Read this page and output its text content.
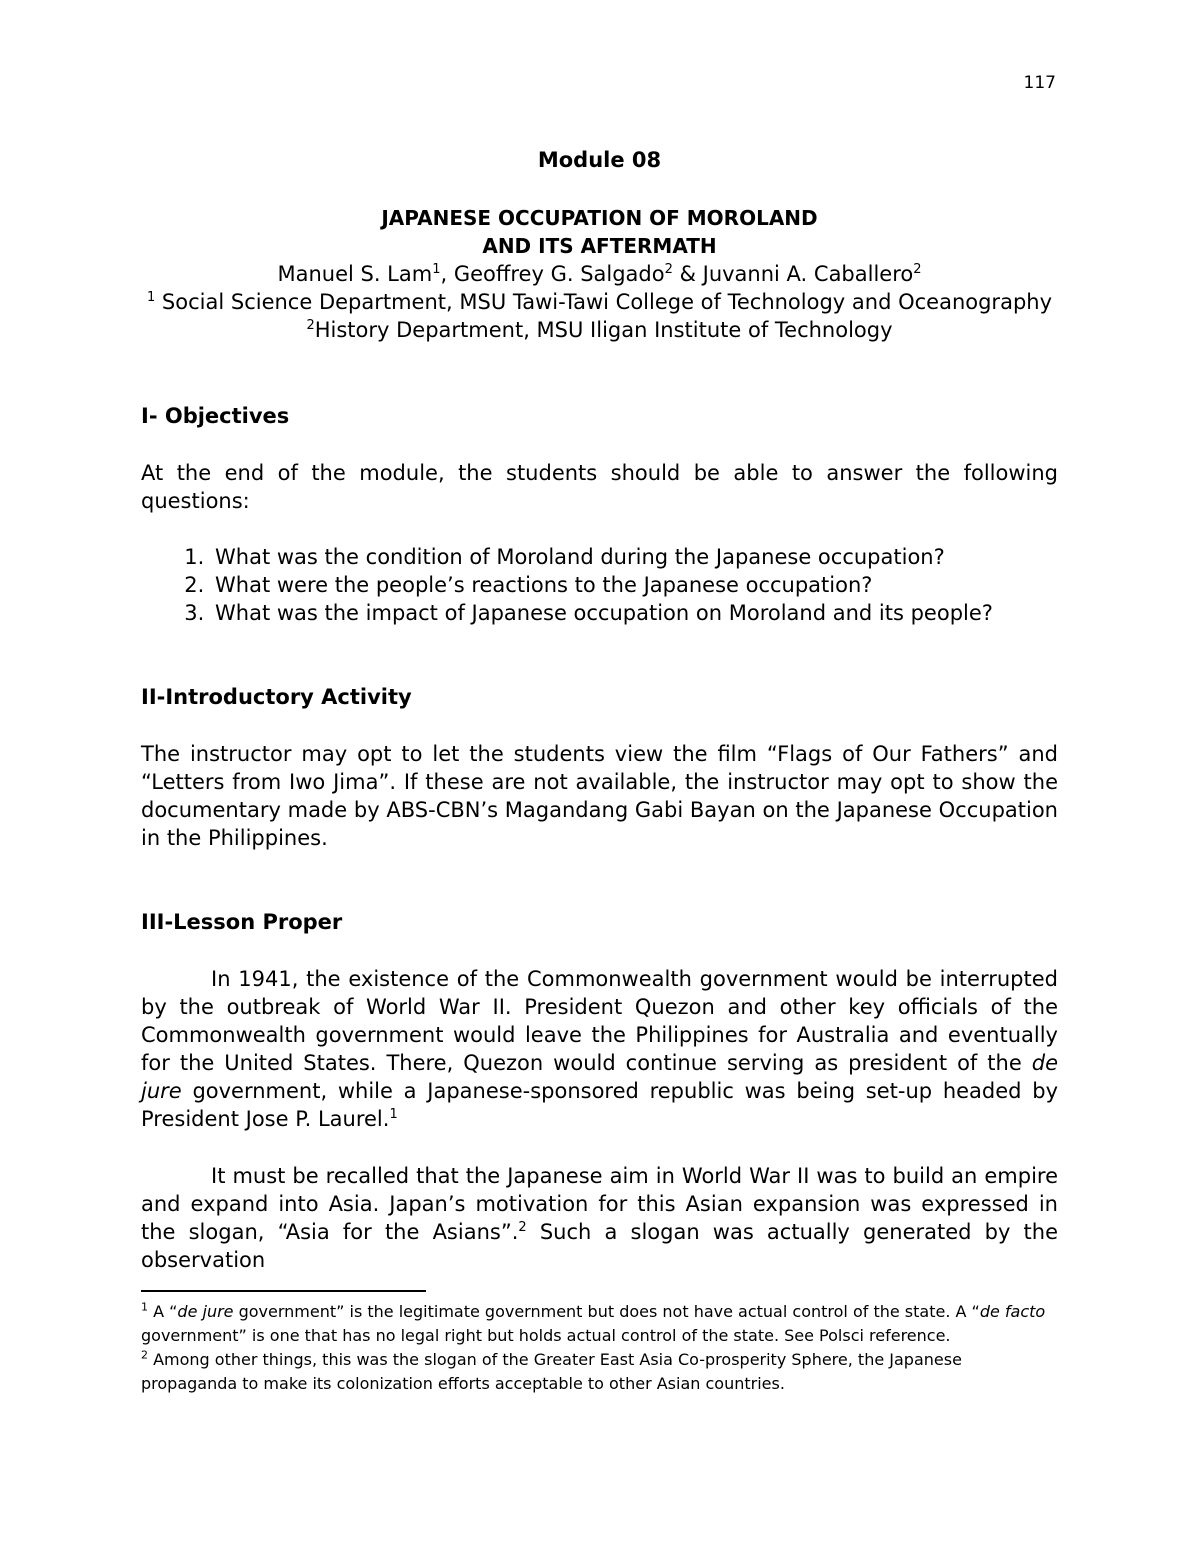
117
Module 08
JAPANESE OCCUPATION OF MOROLAND
AND ITS AFTERMATH
Manuel S. Lam$^1$, Geoffrey G. Salgado$^2$ & Juvanni A. Caballero$^2$
$^1$ Social Science Department, MSU Tawi-Tawi College of Technology and Oceanography
$^2$History Department, MSU Iligan Institute of Technology
I- Objectives

At the end of the module, the students should be able to answer the following questions:

1. What was the condition of Moroland during the Japanese occupation?
2. What were the people’s reactions to the Japanese occupation?
3. What was the impact of Japanese occupation on Moroland and its people?
II-Introductory Activity

The instructor may opt to let the students view the film “Flags of Our Fathers” and “Letters from Iwo Jima”. If these are not available, the instructor may opt to show the documentary made by ABS-CBN’s Magandang Gabi Bayan on the Japanese Occupation in the Philippines.

III-Lesson Proper

In 1941, the existence of the Commonwealth government would be interrupted by the outbreak of World War II. President Quezon and other key officials of the Commonwealth government would leave the Philippines for Australia and eventually for the United States. There, Quezon would continue serving as president of the de jure government, while a Japanese-sponsored republic was being set-up headed by President Jose P. Laurel.$^1$

It must be recalled that the Japanese aim in World War II was to build an empire and expand into Asia. Japan’s motivation for this Asian expansion was expressed in the slogan, “Asia for the Asians”.$^2$ Such a slogan was actually generated by the observation

$^1$ A “de jure government” is the legitimate government but does not have actual control of the state. A “de facto government” is one that has no legal right but holds actual control of the state. See Polsci reference.

$^2$ Among other things, this was the slogan of the Greater East Asia Co-prosperity Sphere, the Japanese propaganda to make its colonization efforts acceptable to other Asian countries.
